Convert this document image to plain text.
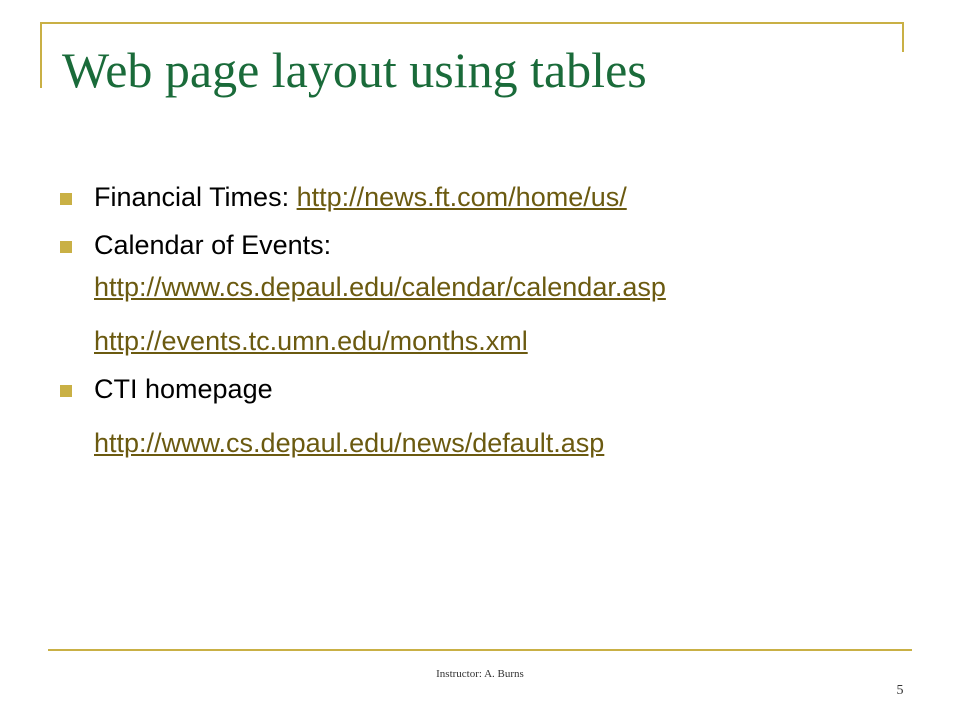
Web page layout using tables
Financial Times: http://news.ft.com/home/us/
Calendar of Events:
http://www.cs.depaul.edu/calendar/calendar.asp
http://events.tc.umn.edu/months.xml
CTI homepage
http://www.cs.depaul.edu/news/default.asp
Instructor: A. Burns
5
